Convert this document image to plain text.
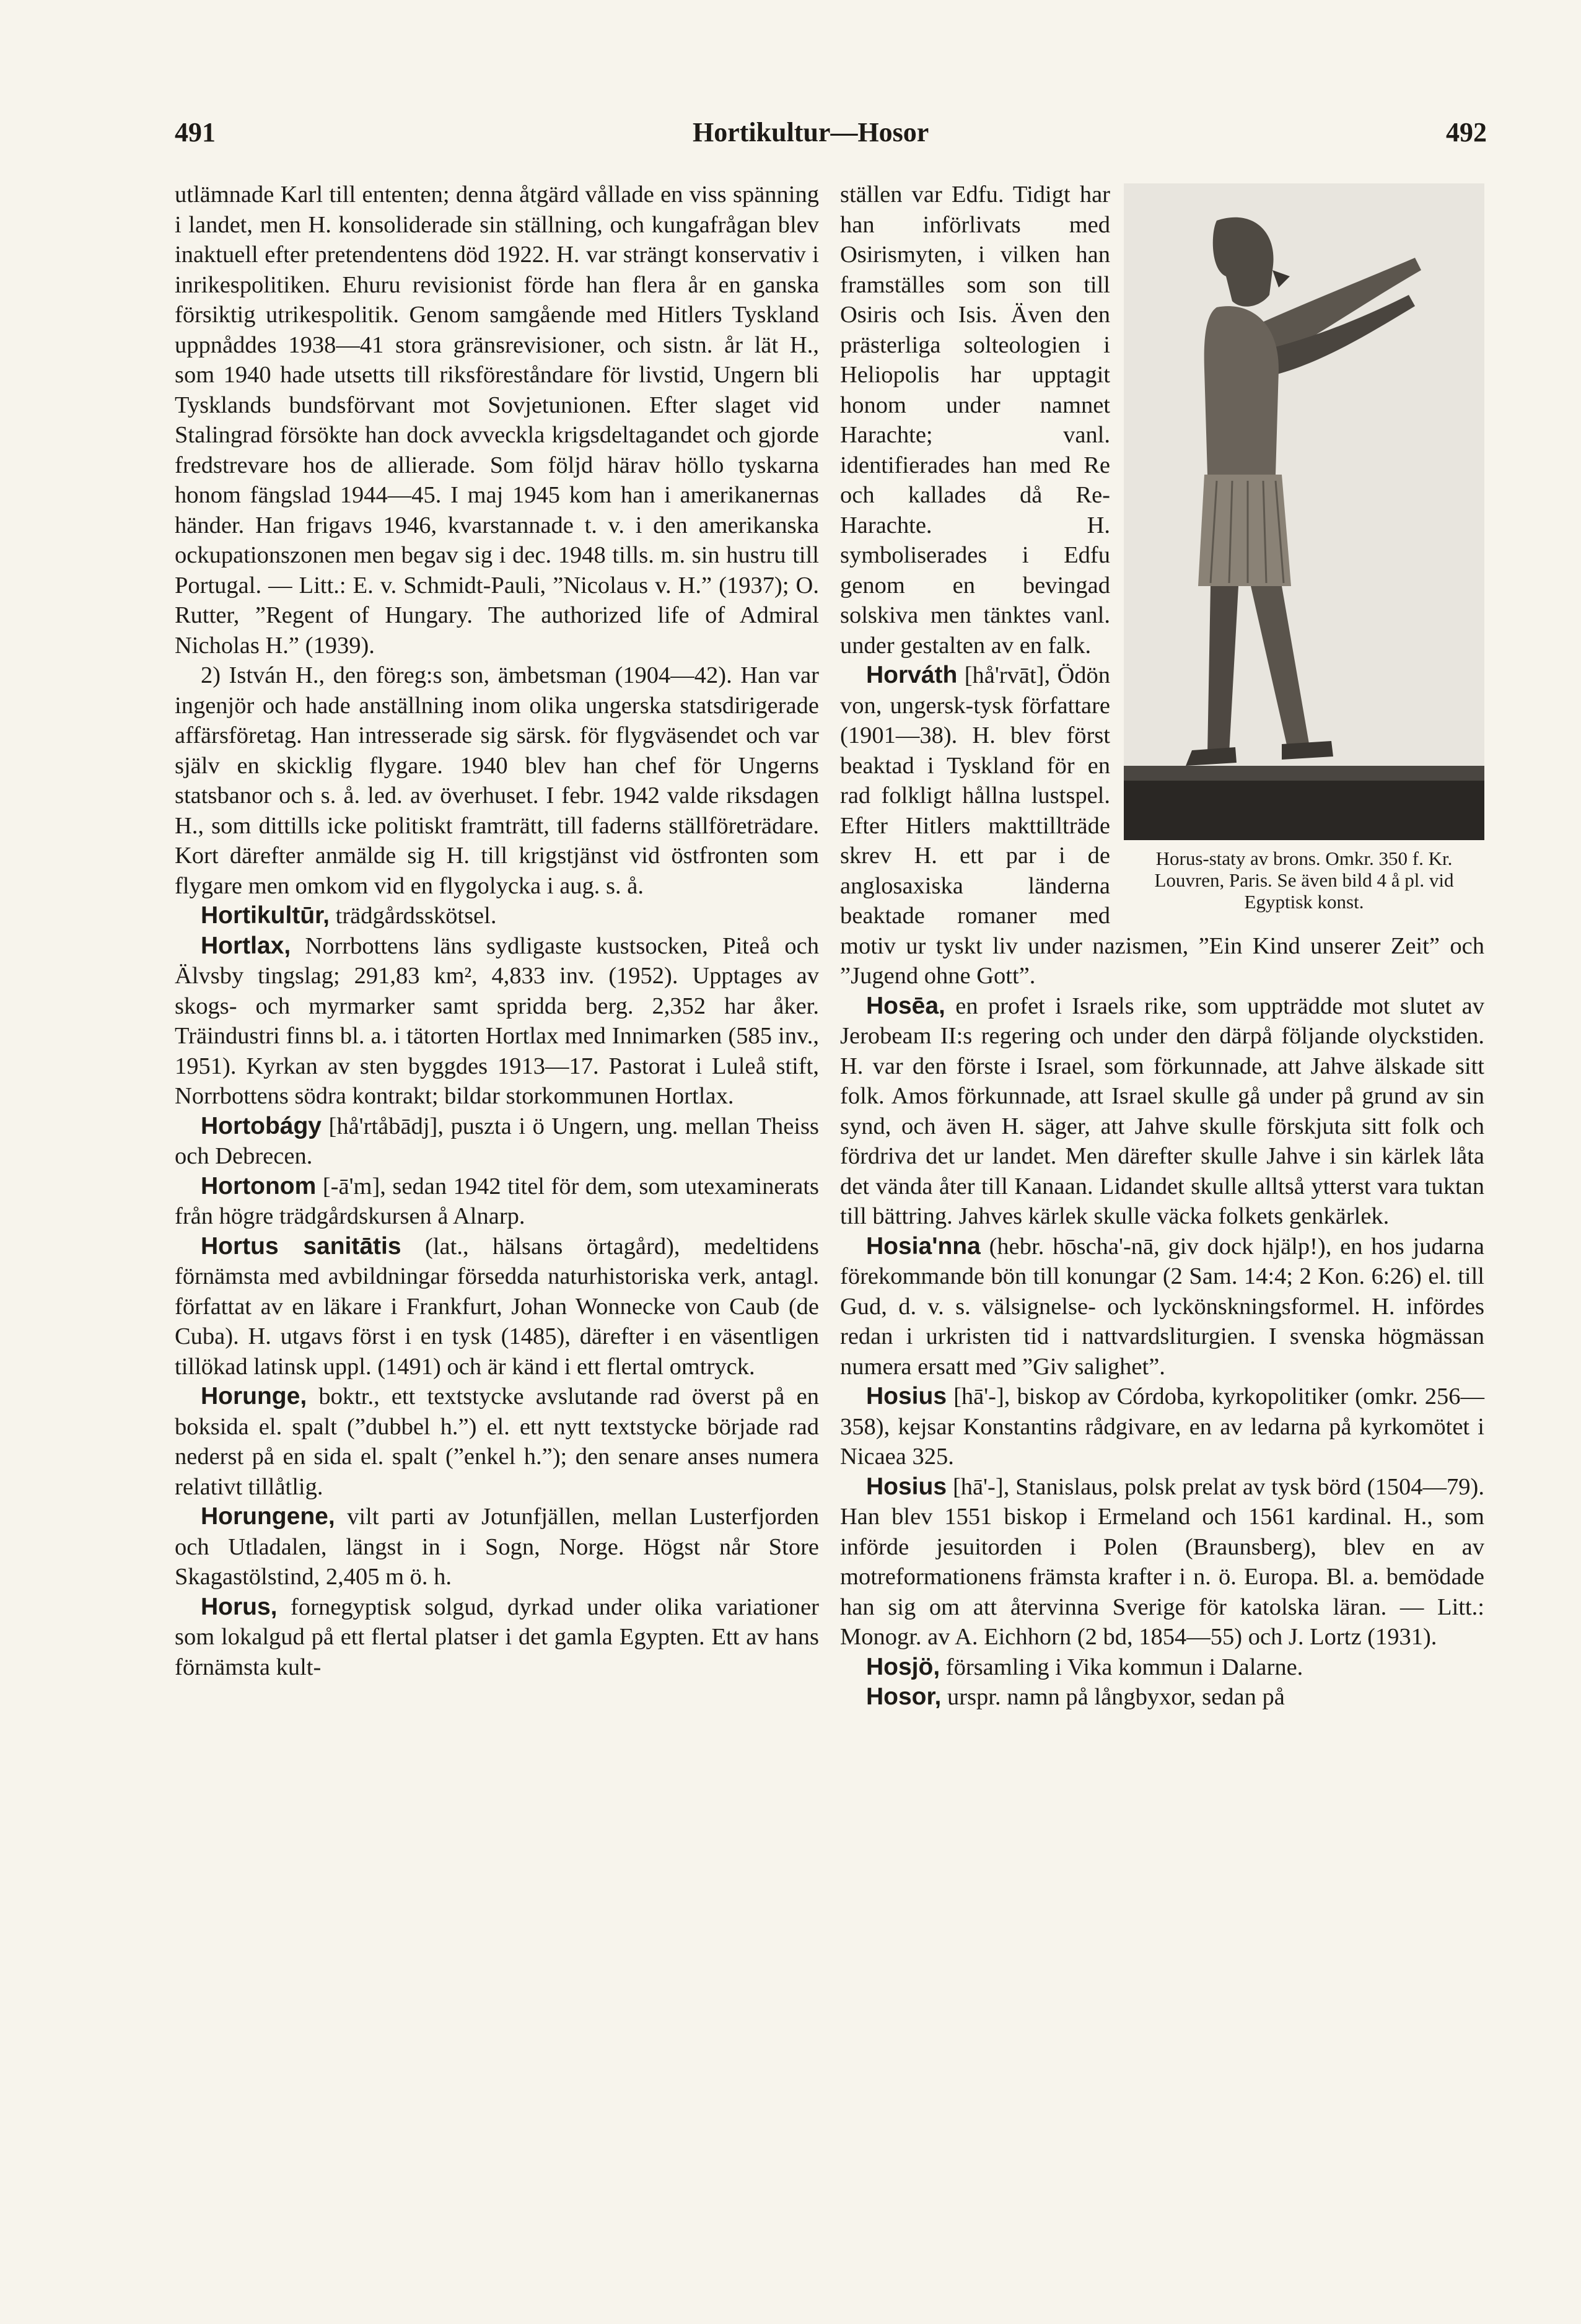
491	Hortikultur—Hosor	492

utlämnade Karl till ententen; denna åtgärd vållade en viss spänning i landet, men H. konsoliderade sin ställning, och kungafrågan blev inaktuell efter pretendentens död 1922. H. var strängt konservativ i inrikespolitiken. Ehuru revisionist förde han flera år en ganska försiktig utrikespolitik. Genom samgående med Hitlers Tyskland uppnåddes 1938—41 stora gränsrevisioner, och sistn. år lät H., som 1940 hade utsetts till riksföreståndare för livstid, Ungern bli Tysklands bundsförvant mot Sovjetunionen. Efter slaget vid Stalingrad försökte han dock avveckla krigsdeltagandet och gjorde fredstrevare hos de allierade. Som följd härav höllo tyskarna honom fängslad 1944—45. I maj 1945 kom han i amerikanernas händer. Han frigavs 1946, kvarstannade t. v. i den amerikanska ockupationszonen men begav sig i dec. 1948 tills. m. sin hustru till Portugal. — Litt.: E. v. Schmidt-Pauli, ”Nicolaus v. H.” (1937); O. Rutter, ”Regent of Hungary. The authorized life of Admiral Nicholas H.” (1939).

2) István H., den föreg:s son, ämbetsman (1904—42). Han var ingenjör och hade anställning inom olika ungerska statsdirigerade affärsföretag. Han intresserade sig särsk. för flygväsendet och var själv en skicklig flygare. 1940 blev han chef för Ungerns statsbanor och s. å. led. av överhuset. I febr. 1942 valde riksdagen H., som dittills icke politiskt framträtt, till faderns ställföreträdare. Kort därefter anmälde sig H. till krigstjänst vid östfronten som flygare men omkom vid en flygolycka i aug. s. å.

Hortikultūr, trädgårdsskötsel.

Hortlax, Norrbottens läns sydligaste kustsocken, Piteå och Älvsby tingslag; 291,83 km², 4,833 inv. (1952). Upptages av skogs- och myrmarker samt spridda berg. 2,352 har åker. Träindustri finns bl. a. i tätorten Hortlax med Innimarken (585 inv., 1951). Kyrkan av sten byggdes 1913—17. Pastorat i Luleå stift, Norrbottens södra kontrakt; bildar storkommunen Hortlax.

Hortobágy [hå'rtåbādj], puszta i ö Ungern, ung. mellan Theiss och Debrecen.

Hortonom [-ā'm], sedan 1942 titel för dem, som utexaminerats från högre trädgårdskursen å Alnarp.

Hortus sanitātis (lat., hälsans örtagård), medeltidens förnämsta med avbildningar försedda naturhistoriska verk, antagl. författat av en läkare i Frankfurt, Johan Wonnecke von Caub (de Cuba). H. utgavs först i en tysk (1485), därefter i en väsentligen tillökad latinsk uppl. (1491) och är känd i ett flertal omtryck.

Horunge, boktr., ett textstycke avslutande rad överst på en boksida el. spalt (”dubbel h.”) el. ett nytt textstycke började rad nederst på en sida el. spalt (”enkel h.”); den senare anses numera relativt tillåtlig.

Horungene, vilt parti av Jotunfjällen, mellan Lusterfjorden och Utladalen, längst in i Sogn, Norge. Högst når Store Skagastölstind, 2,405 m ö. h.

Horus, fornegyptisk solgud, dyrkad under olika variationer som lokalgud på ett flertal platser i det gamla Egypten. Ett av hans förnämsta kult-

Horus-staty av brons. Omkr. 350 f. Kr. Louvren, Paris. Se även bild 4 å pl. vid Egyptisk konst.

ställen var Edfu. Tidigt har han införlivats med Osirismyten, i vilken han framställes som son till Osiris och Isis. Även den prästerliga solteologien i Heliopolis har upptagit honom under namnet Harachte; vanl. identifierades han med Re och kallades då Re-Harachte. H. symboliserades i Edfu genom en bevingad solskiva men tänktes vanl. under gestalten av en falk.

Horváth [hå'rvāt], Ödön von, ungersk-tysk författare (1901—38). H. blev först beaktad i Tyskland för en rad folkligt hållna lustspel. Efter Hitlers makttillträde skrev H. ett par i de anglosaxiska länderna beaktade romaner med motiv ur tyskt liv under nazismen, ”Ein Kind unserer Zeit” och ”Jugend ohne Gott”.

Hosēa, en profet i Israels rike, som uppträdde mot slutet av Jerobeam II:s regering och under den därpå följande olyckstiden. H. var den förste i Israel, som förkunnade, att Jahve älskade sitt folk. Amos förkunnade, att Israel skulle gå under på grund av sin synd, och även H. säger, att Jahve skulle förskjuta sitt folk och fördriva det ur landet. Men därefter skulle Jahve i sin kärlek låta det vända åter till Kanaan. Lidandet skulle alltså ytterst vara tuktan till bättring. Jahves kärlek skulle väcka folkets genkärlek.

Hosia'nna (hebr. hōscha'-nā, giv dock hjälp!), en hos judarna förekommande bön till konungar (2 Sam. 14:4; 2 Kon. 6:26) el. till Gud, d. v. s. välsignelse- och lyckönskningsformel. H. infördes redan i urkristen tid i nattvardsliturgien. I svenska högmässan numera ersatt med ”Giv salighet”.

Hosius [hā'-], biskop av Córdoba, kyrkopolitiker (omkr. 256—358), kejsar Konstantins rådgivare, en av ledarna på kyrkomötet i Nicaea 325.

Hosius [hā'-], Stanislaus, polsk prelat av tysk börd (1504—79). Han blev 1551 biskop i Ermeland och 1561 kardinal. H., som införde jesuitorden i Polen (Braunsberg), blev en av motreformationens främsta krafter i n. ö. Europa. Bl. a. bemödade han sig om att återvinna Sverige för katolska läran. — Litt.: Monogr. av A. Eichhorn (2 bd, 1854—55) och J. Lortz (1931).

Hosjö, församling i Vika kommun i Dalarne.

Hosor, urspr. namn på långbyxor, sedan på
